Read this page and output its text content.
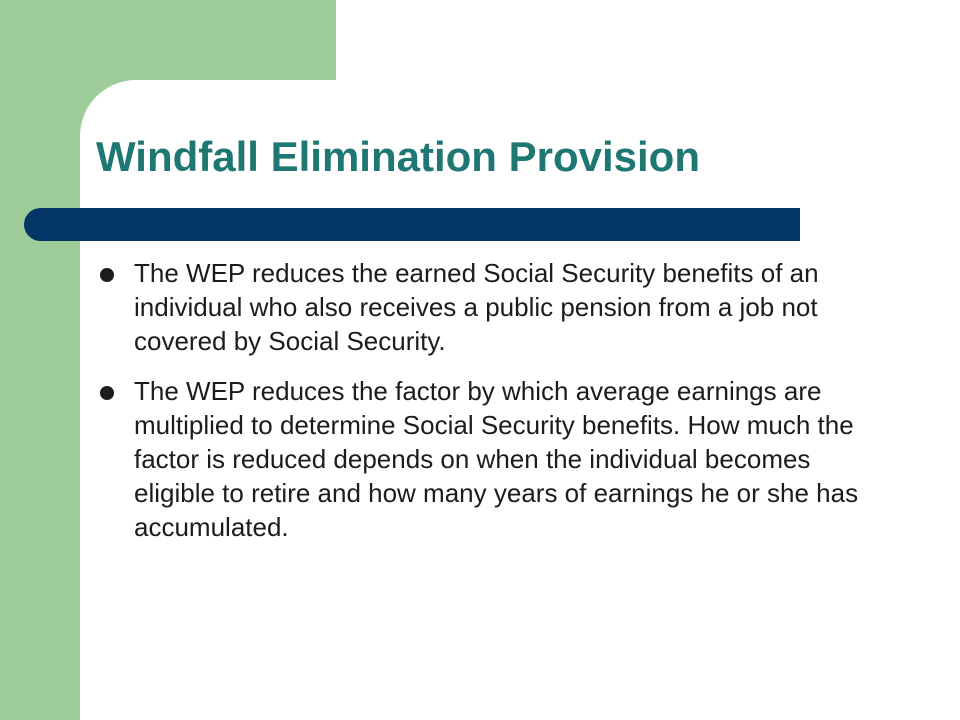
Windfall Elimination Provision
The WEP reduces the earned Social Security benefits of an individual who also receives a public pension from a job not covered by Social Security.
The WEP reduces the factor by which average earnings are multiplied to determine Social Security benefits. How much the factor is reduced depends on when the individual becomes eligible to retire and how many years of earnings he or she has accumulated.
